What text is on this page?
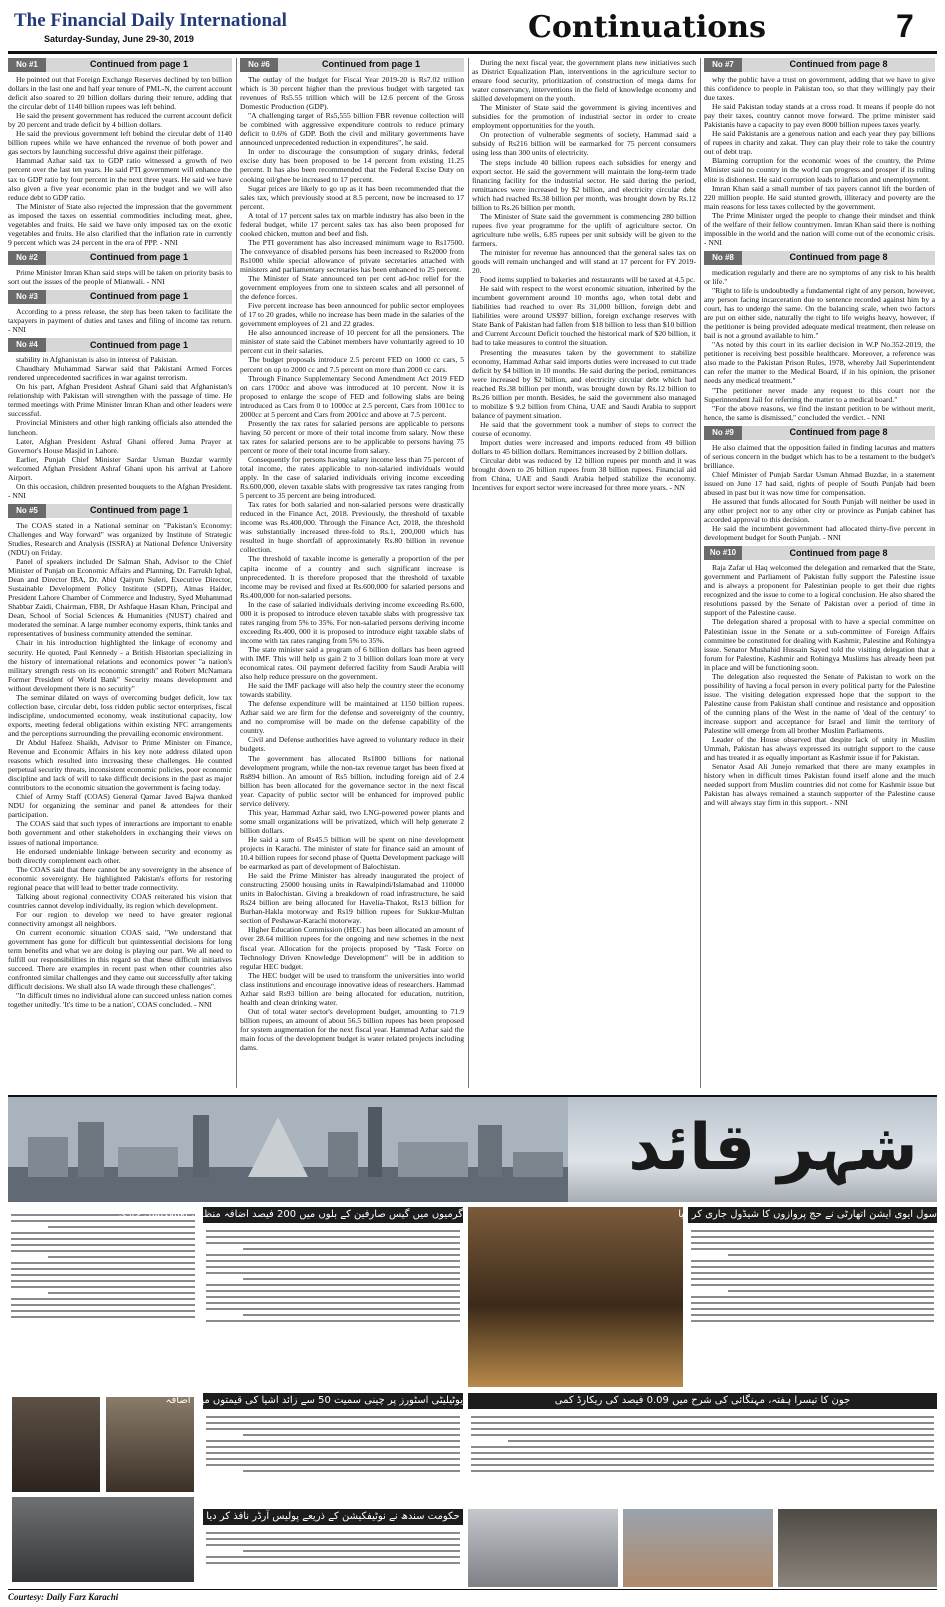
The Financial Daily International
Saturday-Sunday, June 29-30, 2019	Continuations	7
No #1	Continued from page 1

He pointed out that Foreign Exchange Reserves declined by ten billion dollars in the last one and half year tenure of PML-N, the current account deficit also soared to 20 billion dollars during their tenure, adding that the circular debt of 1140 billion rupees was left behind.

He said the present government has reduced the current account deficit by 20 percent and trade deficit by 4 billion dollars.

He said the previous government left behind the circular debt of 1140 billion rupees while we have enhanced the revenue of both power and gas sectors by launching successful drive against their pilferage.

Hammad Azhar said tax to GDP ratio witnessed a growth of two percent over the last ten years. He said PTI government will enhance the tax to GDP ratio by four percent in the next three years. He said we have also given a five year economic plan in the budget and we will also reduce debt to GDP ratio.

The Minister of State also rejected the impression that the government as imposed the taxes on essential commodities including meat, ghee, vegetables and fruits. He said we have only imposed tax on the exotic vegetables and fruits. He also clarified that the inflation rate in currently 9 percent which was 24 percent in the era of PPP. - NNI

No #2	Continued from page 1

Prime Minister Imran Khan said steps will be taken on priority basis to sort out the issues of the people of Mianwali. - NNI

No #3	Continued from page 1

According to a press release, the step has been taken to facilitate the taxpayers in payment of duties and taxes and filing of income tax return. - NNI

No #4	Continued from page 1

stability in Afghanistan is also in interest of Pakistan.

Chaudhary Muhammad Sarwar said that Pakistani Armed Forces rendered unprecedented sacrifices in war against terrorism.

On his part, Afghan President Ashraf Ghani said that Afghanistan's relationship with Pakistan will strengthen with the passage of time. He termed meetings with Prime Minister Imran Khan and other leaders were successful.

Provincial Ministers and other high ranking officials also attended the luncheon.

Later, Afghan President Ashraf Ghani offered Juma Prayer at Governor's House Masjid in Lahore.

Earlier, Punjab Chief Minister Sardar Usman Buzdar warmly welcomed Afghan President Ashraf Ghani upon his arrival at Lahore Airport.

On this occasion, children presented bouquets to the Afghan President. - NNI

No #5	Continued from page 1

The COAS stated in a National seminar on "Pakistan's Economy: Challenges and Way forward" was organized by Institute of Strategic Studies, Research and Analysis (ISSRA) at National Defence University (NDU) on Friday.

Panel of speakers included Dr Salman Shah, Advisor to the Chief Minister of Punjab on Economic Affairs and Planning, Dr. Farrukh Iqbal, Dean and Director IBA, Dr. Abid Qaiyum Suleri, Executive Director, Sustainable Development Policy Institute (SDPI), Almas Haider, President Lahore Chamber of Commerce and Industry, Syed Muhammad Shabbar Zaidi, Chairman, FBR, Dr Ashfaque Hasan Khan, Principal and Dean, School of Social Sciences & Humanities (NUST) chaired and moderated the seminar. A large number economy experts, think tanks and representatives of business community attended the seminar.

Chair in his introduction highlighted the linkage of economy and security. He quoted, Paul Kennedy - a British Historian specializing in the history of international relations and economics power "a nation's military strength rests on its economic strength" and Robert McNamara Former President of World Bank" Security means development and without development there is no security"

The seminar dilated on ways of overcoming budget deficit, low tax collection base, circular debt, loss ridden public sector enterprises, fiscal indiscipline, undocumented economy, weak institutional capacity, low exports, meeting federal obligations within existing NFC arrangements and the perceptions surrounding the prevailing economic environment.

Dr Abdul Hafeez Shaikh, Advisor to Prime Minister on Finance, Revenue and Economic Affairs in his key note address dilated upon reasons which resulted into increasing these challenges. He counted perpetual security threats, inconsistent economic policies, poor economic discipline and lack of will to take difficult decisions in the past as major contributors to the economic situation the government is facing today.

Chief of Army Staff (COAS) General Qamar Javed Bajwa thanked NDU for organizing the seminar and panel & attendees for their participation.

The COAS said that such types of interactions are important to enable both government and other stakeholders in exchanging their views on issues of national importance.

He endorsed undeniable linkage between security and economy as both directly complement each other.

The COAS said that there cannot be any sovereignty in the absence of economic sovereignty. He highlighted Pakistan's efforts for restoring regional peace that will lead to better trade connectivity.

Talking about regional connectivity COAS reiterated his vision that countries cannot develop individually, its region which development.

For our region to develop we need to have greater regional connectivity amongst all neighbors.

On current economic situation COAS said, "We understand that government has gone for difficult but quintessential decisions for long term benefits and what we are doing is playing our part. We all need to fulfill our responsibilities in this regard so that these difficult initiatives succeed. There are examples in recent past when other countries also confronted similar challenges and they came out successfully after taking difficult decisions. We shall also IA wade through these challenges".

"In difficult times no individual alone can succeed unless nation comes together unitedly. 'It's time to be a nation', COAS concluded. - NNI

No #6	Continued from page 1

The outlay of the budget for Fiscal Year 2019-20 is Rs7.02 trillion which is 30 percent higher than the previous budget with targeted tax revenues of Rs5.55 trillion which will be 12.6 percent of the Gross Domestic Production (GDP).

"A challenging target of Rs5,555 billion FBR revenue collection will be combined with aggressive expenditure controls to reduce primary deficit to 0.6% of GDP. Both the civil and military governments have announced unprecedented reduction in expenditures", he said.

In order to discourage the consumption of sugary drinks, federal excise duty has been proposed to be 14 percent from existing 11.25 percent. It has also been recommended that the Federal Excise Duty on cooking oil/ghee be increased to 17 percent.

Sugar prices are likely to go up as it has been recommended that the sales tax, which previously stood at 8.5 percent, now be increased to 17 percent.

A total of 17 percent sales tax on marble industry has also been in the federal budget, while 17 percent sales tax has also been proposed for cooked chicken, mutton and beef and fish.

The PTI government has also increased minimum wage to Rs17500. The conveyance of disabled persons has been increased to Rs2000 from Rs1000 while special allowance of private secretaries attached with ministers and parliamentary secretaries has been enhanced to 25 percent.

The Minister of State announced ten per cent ad-hoc relief for the government employees from one to sixteen scales and all personnel of the defence forces.

Five percent increase has been announced for public sector employees of 17 to 20 grades, while no increase has been made in the salaries of the government employees of 21 and 22 grades.

He also announced increase of 10 percent for all the pensioners. The minister of state said the Cabinet members have voluntarily agreed to 10 percent cut in their salaries.

The budget proposals introduce 2.5 percent FED on 1000 cc cars, 5 percent on up to 2000 cc and 7.5 percent on more than 2000 cc cars.

Through Finance Supplementary Second Amendment Act 2019 FED on cars 1700cc and above was introduced at 10 percent. Now it is proposed to enlarge the scope of FED and following slabs are being introduced as Cars from 0 to 1000cc at 2.5 percent, Cars from 1001cc to 2000cc at 5 percent and Cars from 2001cc and above at 7.5 percent.

Presently the tax rates for salaried persons are applicable to persons having 50 percent or more of their total income from salary. Now these tax rates for salaried persons are to be applicable to persons having 75 percent or more of their total income from salary.

Consequently for persons having salary income less than 75 percent of total income, the rates applicable to non-salaried individuals would apply. In the case of salaried individuals eriving income exceeding Rs.600,000, eleven taxable slabs with progressive tax rates ranging from 5 percent to 35 percent are being introduced.

Tax rates for both salaried and non-salaried persons were drastically reduced in the Finance Act, 2018. Previously, the threshold of taxable income was Rs.400,000. Through the Finance Act, 2018, the threshold was substantially increased three-fold to Rs.1, 200,000 which has resulted in huge shortfall of approximately Rs.80 billion in revenue collection.

The threshold of taxable income is generally a proportion of the per capita income of a country and such significant increase is unprecedented. It is therefore proposed that the threshold of taxable income may be revised and fixed at Rs.600,000 for salaried persons and Rs.400,000 for non-salaried persons.

In the case of salaried individuals deriving income exceeding Rs.600, 000 it is proposed to introduce eleven taxable slabs with progressive tax rates ranging from 5% to 35%. For non-salaried persons deriving income exceeding Rs.400, 000 it is proposed to introduce eight taxable slabs of income with tax rates ranging from 5% to 35%.

The state minister said a program of 6 billion dollars has been agreed with IMF. This will help us gain 2 to 3 billion dollars loan more at very economical rates. Oil payment deferred facility from Saudi Arabia will also help reduce pressure on the government.

He said the IMF package will also help the country steer the economy towards stability.

The defense expenditure will be maintained at 1150 billion rupees. Azhar said we are firm for the defense and sovereignty of the country, and no compromise will be made on the defense capability of the country.

Civil and Defense authorities have agreed to voluntary reduce in their budgets.

The government has allocated Rs1800 billions for national development program, while the non-tax revenue target has been fixed at Rs894 billion. An amount of Rs5 billion, including foreign aid of 2.4 billion has been allocated for the governance sector in the next fiscal year. Capacity of public sector will be enhanced for improved public service delivery.

This year, Hammad Azhar said, two LNG-powered power plants and some small organizations will be privatized, which will help generate 2 billion dollars.

He said a sum of Rs45.5 billion will be spent on nine development projects in Karachi. The minister of state for finance said an amount of 10.4 billion rupees for second phase of Quetta Development package will be earmarked as part of development of Balochistan.

He said the Prime Minister has already inaugurated the project of constructing 25000 housing units in Rawalpindi/Islamabad and 110000 units in Balochistan. Giving a breakdown of road infrastructure, he said Rs24 billion are being allocated for Havelia-Thakot, Rs13 billion for Burhan-Hakla motorway and Rs19 billion rupees for Sukkur-Multan section of Peshawar-Karachi motorway.

Higher Education Commission (HEC) has been allocated an amount of over 28.64 million rupees for the ongoing and new schemes in the next fiscal year. Allocation for the projects proposed by "Task Force on Technology Driven Knowledge Development" will be in addition to regular HEC budget.

The HEC budget will be used to transform the universities into world class institutions and encourage innovative ideas of researchers. Hammad Azhar said Rs93 billion are being allocated for education, nutrition, health and clean drinking water.

Out of total water sector's development budget, amounting to 71.9 billion rupees, an amount of about 56.5 billion rupees has been proposed for system augmentation for the next fiscal year. Hammad Azhar said the main focus of the development budget is water related projects including dams.

During the next fiscal year, the government plans new initiatives such as District Equalization Plan, interventions in the agriculture sector to ensure food security, prioritization of construction of mega dams for water conservancy, interventions in the field of knowledge economy and skilled development on the youth.

The Minister of State said the government is giving incentives and subsidies for the promotion of industrial sector in order to create employment opportunities for the youth.

On protection of vulnerable segments of society, Hammad said a subsidy of Rs216 billion will be earmarked for 75 percent consumers using less than 300 units of electricity.

The steps include 40 billion rupees each subsidies for energy and export sector. He said the government will maintain the long-term trade financing facility for the industrial sector. He said during the period, remittances were increased by $2 billion, and electricity circular debt which had reached Rs.38 billion per month, was brought down by Rs.12 billion to Rs.26 billion per month.

The Minister of State said the government is commencing 280 billion rupees five year programme for the uplift of agriculture sector. On agriculture tube wells, 6.85 rupees per unit subsidy will be given to the farmers.

The minister for revenue has announced that the general sales tax on goods will remain unchanged and will stand at 17 percent for FY 2019-20.

Food items supplied to bakeries and restaurants will be taxed at 4.5 pc.

He said with respect to the worst economic situation, inherited by the incumbent government around 10 months ago, when total debt and liabilities had reached to over Rs 31,000 billion, foreign debt and liabilities were around US$97 billion, foreign exchange reserves with State Bank of Pakistan had fallen from $18 billion to less than $10 billion and Current Account Deficit touched the historical mark of $20 billion, it had to take measures to control the situation.

Presenting the measures taken by the government to stabilize economy, Hammad Azhar said imports duties were increased to cut trade deficit by $4 billion in 10 months. He said during the period, remittances were increased by $2 billion, and electricity circular debt which had reached Rs.38 billion per month, was brought down by Rs.12 billion to Rs.26 billion per month. Besides, he said the government also managed to mobilize $ 9.2 billion from China, UAE and Saudi Arabia to support balance of payment situation.

He said that the government took a number of steps to correct the course of economy.

Import duties were increased and imports reduced from 49 billion dollars to 45 billion dollars. Remittances increased by 2 billion dollars.

Circular debt was reduced by 12 billion rupees per month and it was brought down to 26 billion rupees from 38 billion rupees. Financial aid from China, UAE and Saudi Arabia helped stabilize the economy. Incentives for export sector were increased for three more years. - NN

No #7	Continued from page 8

why the public have a trust on government, adding that we have to give this confidence to people in Pakistan too, so that they willingly pay their due taxes.

He said Pakistan today stands at a cross road. It means if people do not pay their taxes, country cannot move forward. The prime minister said Pakistanis have a capacity to pay even 8000 billion rupees taxes yearly.

He said Pakistanis are a generous nation and each year they pay billions of rupees in charity and zakat. They can play their role to take the country out of debt trap.

Blaming corruption for the economic woes of the country, the Prime Minister said no country in the world can progress and prosper if its ruling elite is dishonest. He said corruption leads to inflation and unemployment.

Imran Khan said a small number of tax payers cannot lift the burden of 220 million people. He said stunted growth, illiteracy and poverty are the main reasons for less taxes collected by the government.

The Prime Minister urged the people to change their mindset and think of the welfare of their fellow countrymen. Imran Khan said there is nothing impossible in the world and the nation will come out of the economic crisis. - NNI

No #8	Continued from page 8

medication regularly and there are no symptoms of any risk to his health or life."

"Right to life is undoubtedly a fundamental right of any person, however, any person facing incarceration due to sentence recorded against him by a court, has to undergo the same. On the balancing scale, when two factors are put on either side, naturally the right to life weighs heavy, however, if the petitioner is being provided adequate medical treatment, then release on bail is not a ground available to him."

"As noted by this court in its earlier decision in W.P No.352-2019, the petitioner is receiving best possible healthcare. Moreover, a reference was also made to the Pakistan Prison Rules, 1978, whereby Jail Superintendent can refer the matter to the Medical Board, if in his opinion, the prisoner needs any medical treatment."

"The petitioner never made any request to this court nor the Superintendent Jail for referring the matter to a medical board."

"For the above reasons, we find the instant petition to be without merit, hence, the same is dismissed," concluded the verdict. - NNI

No #9	Continued from page 8

He also claimed that the opposition failed in finding lacunas and matters of serious concern in the budget which has to be a testament to the budget's brilliance.

Chief Minister of Punjab Sardar Usman Ahmad Buzdar, in a statement issued on June 17 had said, rights of people of South Punjab had been abused in past but it was now time for compensation.

He assured that funds allocated for South Punjab will neither be used in any other project nor to any other city or province as Punjab cabinet has accorded approval to this decision.

He said the incumbent government had allocated thirty-five percent in development budget for South Punjab. - NNI

No #10	Continued from page 8

Raja Zafar ul Haq welcomed the delegation and remarked that the State, government and Parliament of Pakistan fully support the Palestine issue and is always a proponent for Palestinian people to get their due rights recognized and the issue to come to a logical conclusion. He also shared the resolutions passed by the Senate of Pakistan over a period of time in support of the Palestine cause.

The delegation shared a proposal with to have a special committee on Palestinian issue in the Senate or a sub-committee of Foreign Affairs committee be constituted for dealing with Kashmir, Palestine and Rohingya issue. Senator Mushahid Hussain Sayed told the visiting delegation that a forum for Palestine, Kashmir and Rohingya Muslims has already been put in place and will be functioning soon.

The delegation also requested the Senate of Pakistan to work on the possibility of having a focal person in every political party for the Palestine issue. The visiting delegation expressed hope that the support to the Palestine cause from Pakistan shall continue and resistance and opposition of the cunning plans of the West in the name of 'deal of the century' to increase support and acceptance for Israel and limit the territory of Palestine will emerge from all brother Muslim Parliaments.

Leader of the House observed that despite lack of unity in Muslim Ummah, Pakistan has always expressed its outright support to the cause and has treated it as equally important as Kashmir issue if for Pakistan.

Senator Asad Ali Junejo remarked that there are many examples in history when in difficult times Pakistan found itself alone and the much needed support from Muslim countries did not come for Kashmir issue but Pakistan has always remained a staunch supporter of the Palestine cause and will always stay firm in this support. - NNI

شہر قائد
گرمیوں میں گیس صارفین کے بلوں میں 200 فیصد اضافہ منظور، نوٹیفکیشن جاری	سول ایوی ایشن اتھارٹی نے حج پروازوں کا شیڈول جاری کر دیا
یوٹیلیٹی اسٹورز پر چینی سمیت 50 سے زائد اشیا کی قیمتوں میں اضافہ	جون کا تیسرا ہفتہ، مہنگائی کی شرح میں 0.09 فیصد کی ریکارڈ کمی
حکومت سندھ نے نوٹیفکیشن کے ذریعے پولیس آرڈر نافذ کر دیا
Courtesy: Daily Farz Karachi
